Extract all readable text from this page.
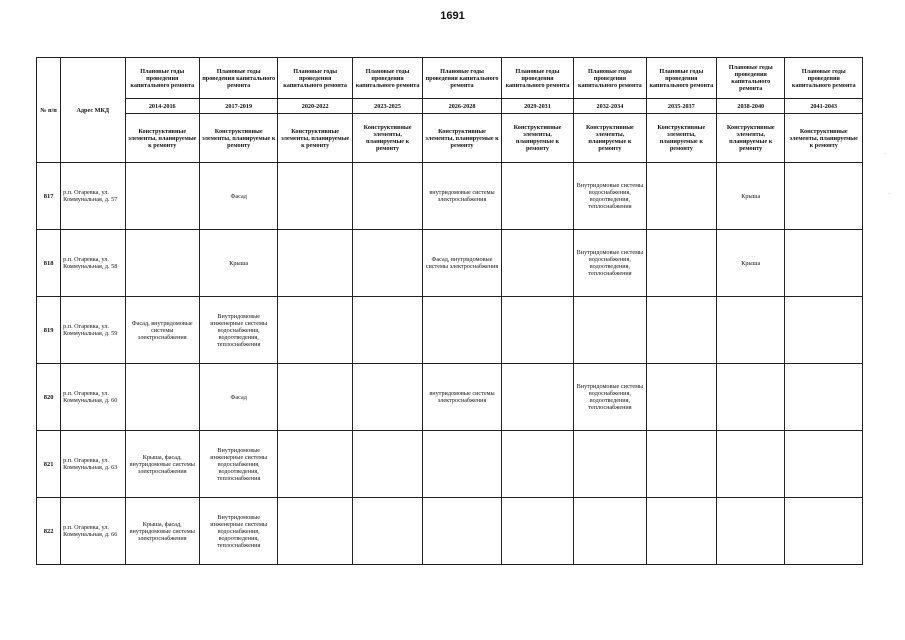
1691
№ п/п	Адрес МКД	Плановые годы проведения капитального ремонта	Плановые годы проведения капитального ремонта	Плановые годы проведения капитального ремонта	Плановые годы проведения капитального ремонта	Плановые годы проведения капитального ремонта	Плановые годы проведения капитального ремонта	Плановые годы проведения капитального ремонта	Плановые годы проведения капитального ремонта	Плановые годы проведения капитального ремонта	Плановые годы проведения капитального ремонта
		2014-2016	2017-2019	2020-2022	2023-2025	2026-2028	2029-2031	2032-2034	2035-2037	2038-2040	2041-2043
		Конструктивные элементы, планируемые к ремонту	Конструктивные элементы, планируемые к ремонту	Конструктивные элементы, планируемые к ремонту	Конструктивные элементы, планируемые к ремонту	Конструктивные элементы, планируемые к ремонту	Конструктивные элементы, планируемые к ремонту	Конструктивные элементы, планируемые к ремонту	Конструктивные элементы, планируемые к ремонту	Конструктивные элементы, планируемые к ремонту	Конструктивные элементы, планируемые к ремонту
817	р.п. Огаревка, ул. Коммунальная, д. 57		Фасад			внутридомовые системы электроснабжения		Внутридомовые системы водоснабжения, водоотведения, теплоснабжения		Крыша	
818	р.п. Огаревка, ул. Коммунальная, д. 58		Крыша			Фасад, внутридомовые системы электроснабжения		Внутридомовые системы водоснабжения, водоотведения, теплоснабжения		Крыша	
819	р.п. Огаревка, ул. Коммунальная, д. 59	Фасад, внутридомовые системы электроснабжения	Внутридомовые инженерные системы водоснабжения, водоотведения, теплоснабжения								
820	р.п. Огаревка, ул. Коммунальная, д. 60		Фасад			внутридомовые системы электроснабжения		Внутридомовые системы водоснабжения, водоотведения, теплоснабжения			
821	р.п. Огаревка, ул. Коммунальная, д. 63	Крыша, фасад, внутридомовые системы электроснабжения	Внутридомовые инженерные системы водоснабжения, водоотведения, теплоснабжения								
822	р.п. Огаревка, ул. Коммунальная, д. 66	Крыша, фасад, внутридомовые системы электроснабжения	Внутридомовые инженерные системы водоснабжения, водоотведения, теплоснабжения								
·
·
